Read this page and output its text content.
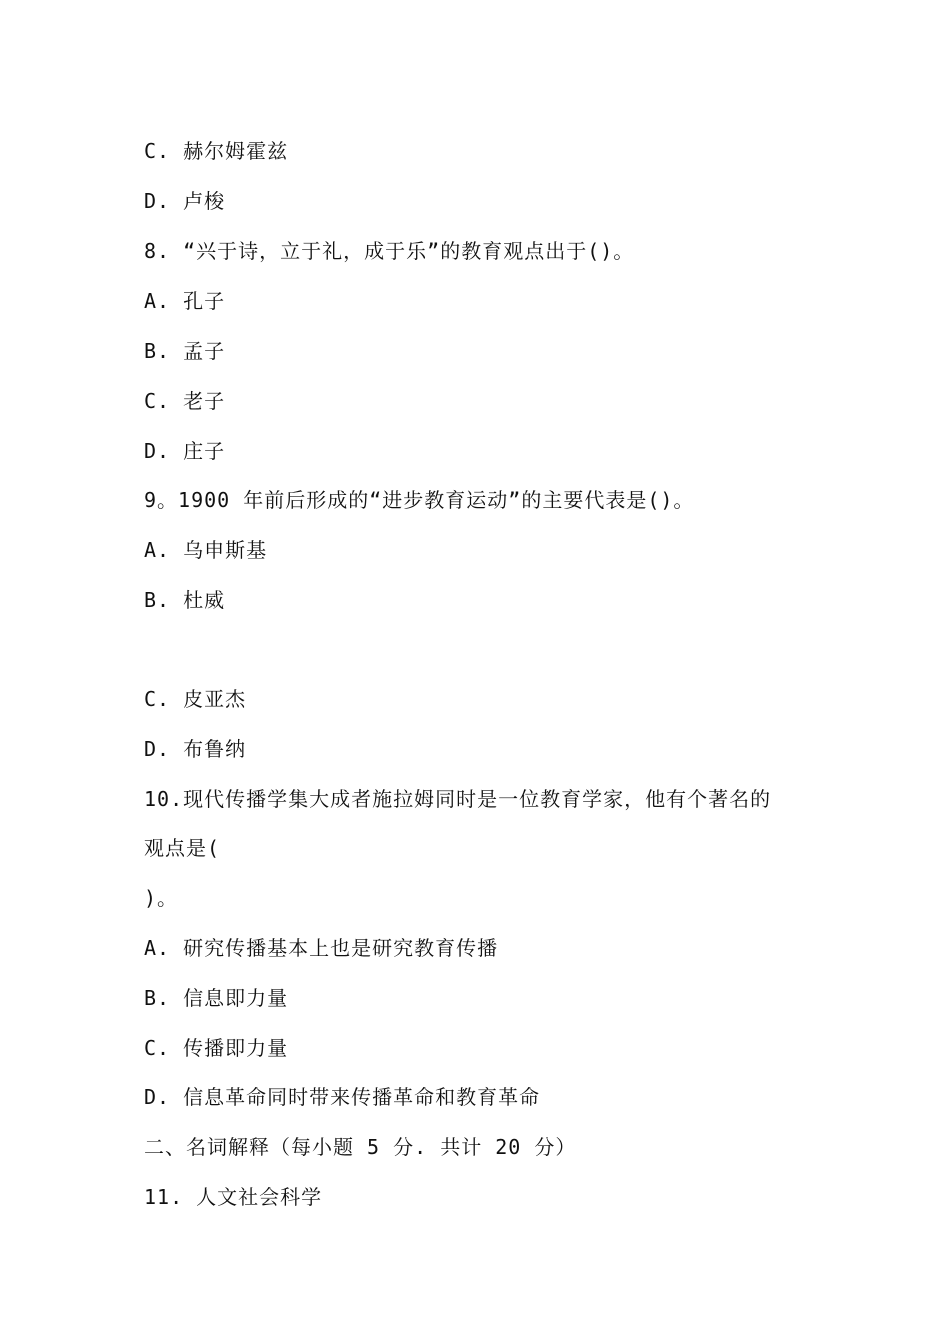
C. 赫尔姆霍兹
D. 卢梭
8. “兴于诗，立于礼，成于乐”的教育观点出于()。
A. 孔子
B. 孟子
C. 老子
D. 庄子
9。1900 年前后形成的“进步教育运动”的主要代表是()。
A. 乌申斯基
B. 杜威
C. 皮亚杰
D. 布鲁纳
10.现代传播学集大成者施拉姆同时是一位教育学家，他有个著名的
观点是(
)。
A. 研究传播基本上也是研究教育传播
B. 信息即力量
C. 传播即力量
D. 信息革命同时带来传播革命和教育革命
二、名词解释（每小题 5 分. 共计 20 分）
11. 人文社会科学
